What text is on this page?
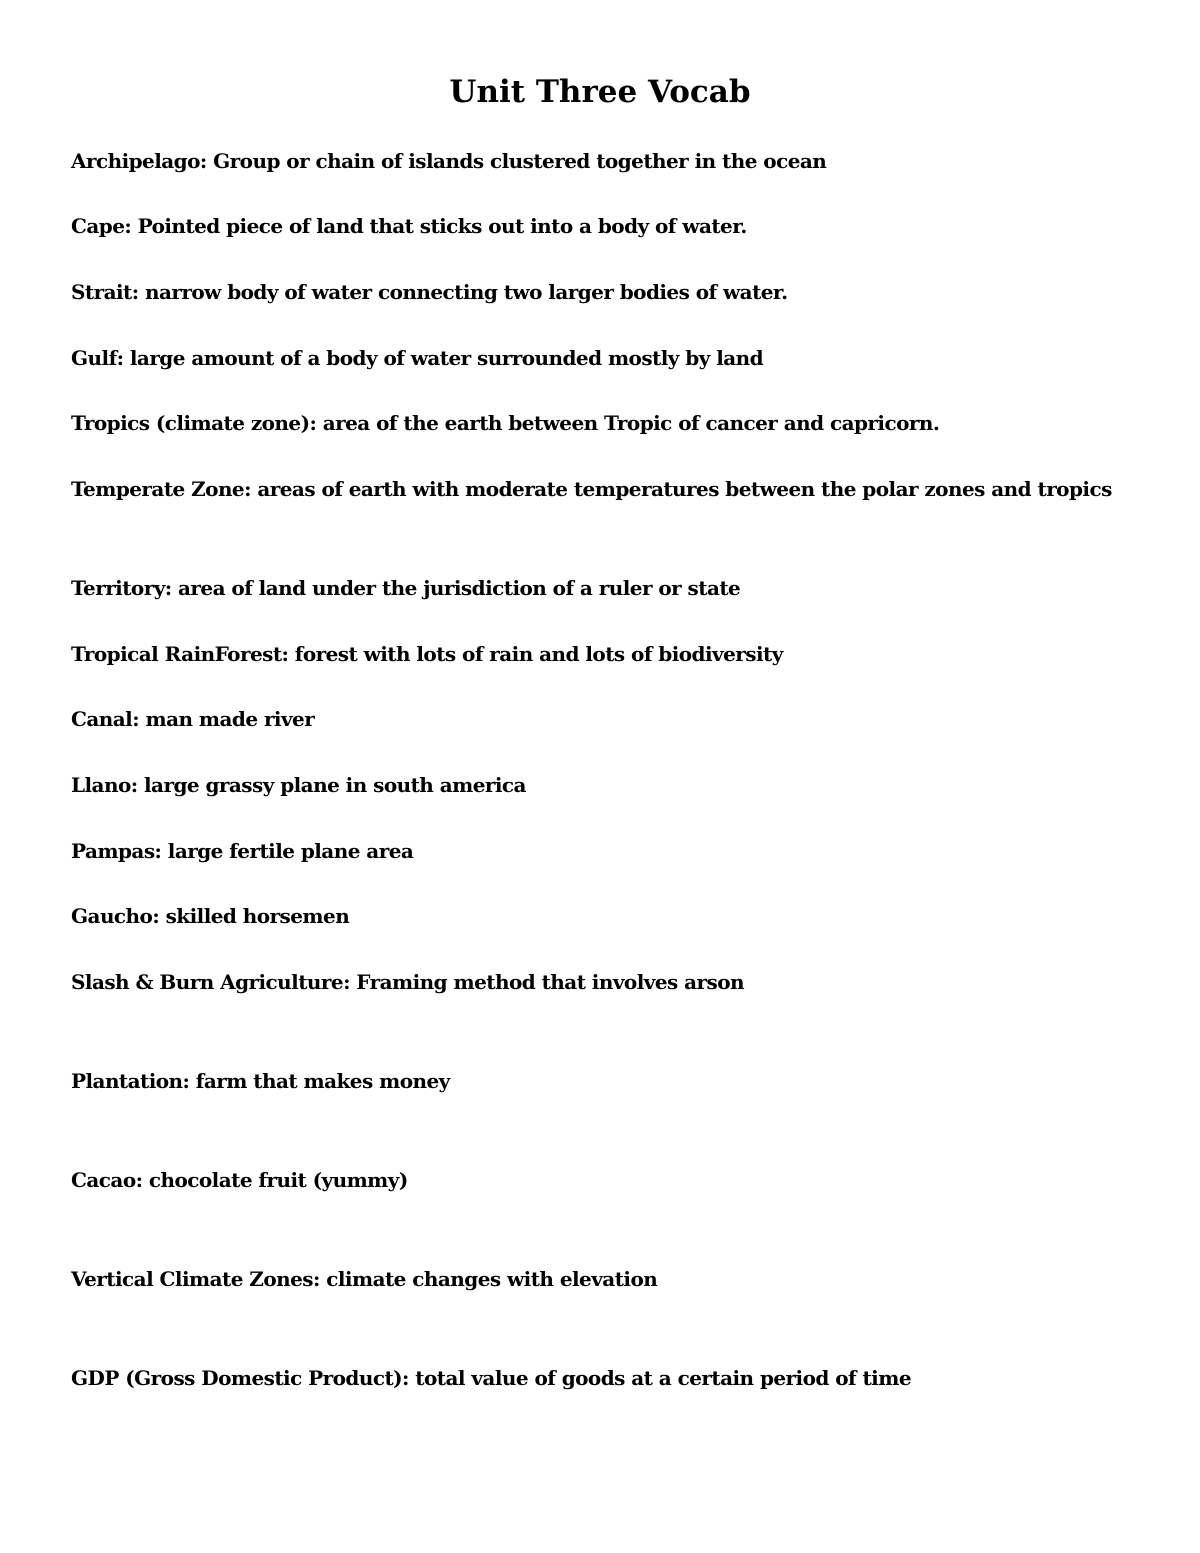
Unit Three Vocab

Archipelago: Group or chain of islands clustered together in the ocean

Cape: Pointed piece of land that sticks out into a body of water.

Strait: narrow body of water connecting two larger bodies of water.

Gulf: large amount of a body of water surrounded mostly by land

Tropics (climate zone): area of the earth between Tropic of cancer and capricorn.

Temperate Zone: areas of earth with moderate temperatures between the polar zones and tropics

Territory: area of land under the jurisdiction of a ruler or state

Tropical RainForest: forest with lots of rain and lots of biodiversity

Canal: man made river

Llano: large grassy plane in south america

Pampas: large fertile plane area

Gaucho: skilled horsemen

Slash & Burn Agriculture: Framing method that involves arson

Plantation: farm that makes money

Cacao: chocolate fruit (yummy)

Vertical Climate Zones: climate changes with elevation

GDP (Gross Domestic Product): total value of goods at a certain period of time
